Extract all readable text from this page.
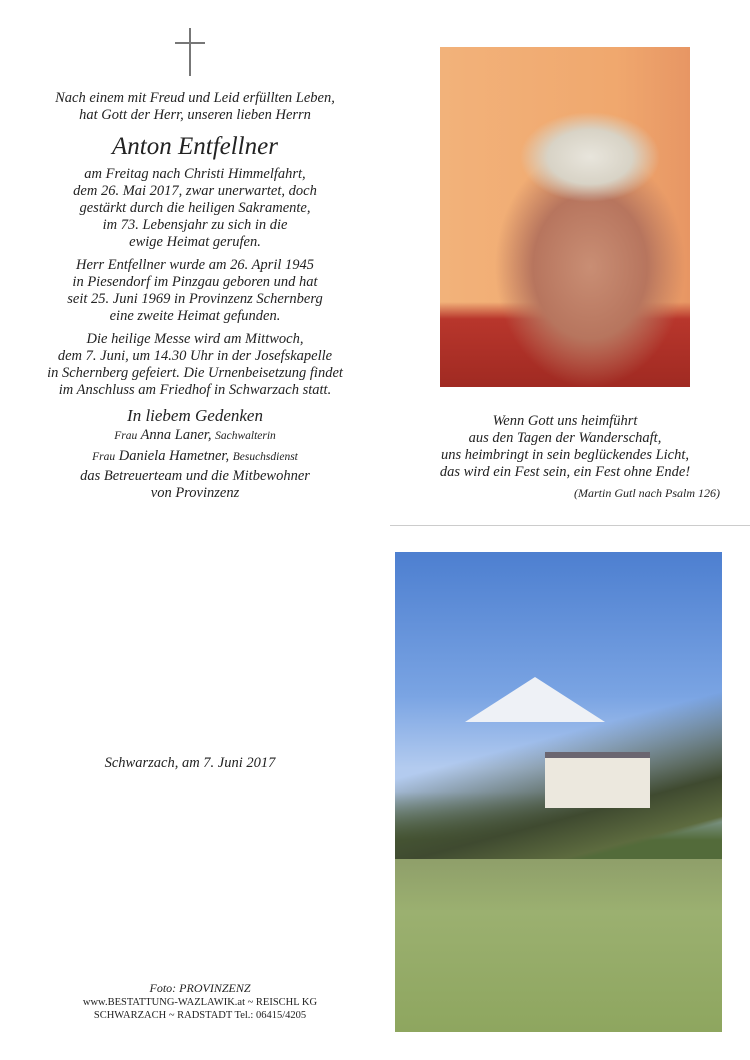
Nach einem mit Freud und Leid erfüllten Leben,
hat Gott der Herr, unseren lieben Herrn
Anton Entfellner
am Freitag nach Christi Himmelfahrt,
dem 26. Mai 2017, zwar unerwartet, doch
gestärkt durch die heiligen Sakramente,
im 73. Lebensjahr zu sich in die
ewige Heimat gerufen.
Herr Entfellner wurde am 26. April 1945
in Piesendorf im Pinzgau geboren und hat
seit 25. Juni 1969 in Provinzenz Schernberg
eine zweite Heimat gefunden.
Die heilige Messe wird am Mittwoch,
dem 7. Juni, um 14.30 Uhr in der Josefskapelle
in Schernberg gefeiert. Die Urnenbeisetzung findet
im Anschluss am Friedhof in Schwarzach statt.
In liebem Gedenken
Frau Anna Laner, Sachwalterin
Frau Daniela Hametner, Besuchsdienst
das Betreuerteam und die Mitbewohner
von Provinzenz
Wenn Gott uns heimführt
aus den Tagen der Wanderschaft,
uns heimbringt in sein beglückendes Licht,
das wird ein Fest sein, ein Fest ohne Ende!
(Martin Gutl nach Psalm 126)
Schwarzach, am 7. Juni 2017
Foto: PROVINZENZ
www.BESTATTUNG-WAZLAWIK.at ~ REISCHL KG
SCHWARZACH ~ RADSTADT Tel.: 06415/4205
